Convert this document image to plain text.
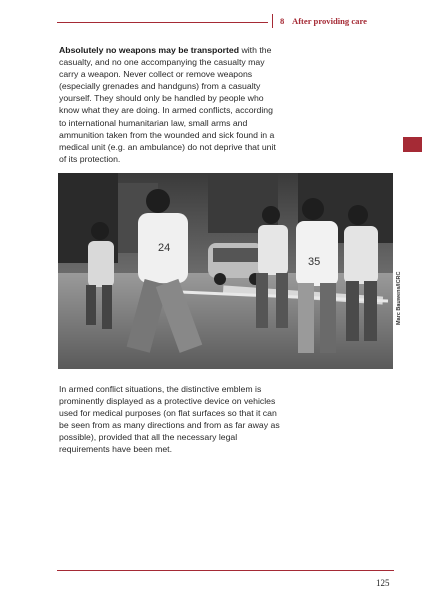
8 After providing care
Absolutely no weapons may be transported with the casualty, and no one accompanying the casualty may carry a weapon. Never collect or remove weapons (especially grenades and handguns) from a casualty yourself. They should only be handled by people who know what they are doing. In armed conflicts, according to international humanitarian law, small arms and ammunition taken from the wounded and sick found in a medical unit (e.g. an ambulance) do not deprive that unit of its protection.
24
35
Marc Bauwens/ICRC
In armed conflict situations, the distinctive emblem is prominently displayed as a protective device on vehicles used for medical purposes (on flat surfaces so that it can be seen from as many directions and from as far away as possible), provided that all the necessary legal requirements have been met.
125
